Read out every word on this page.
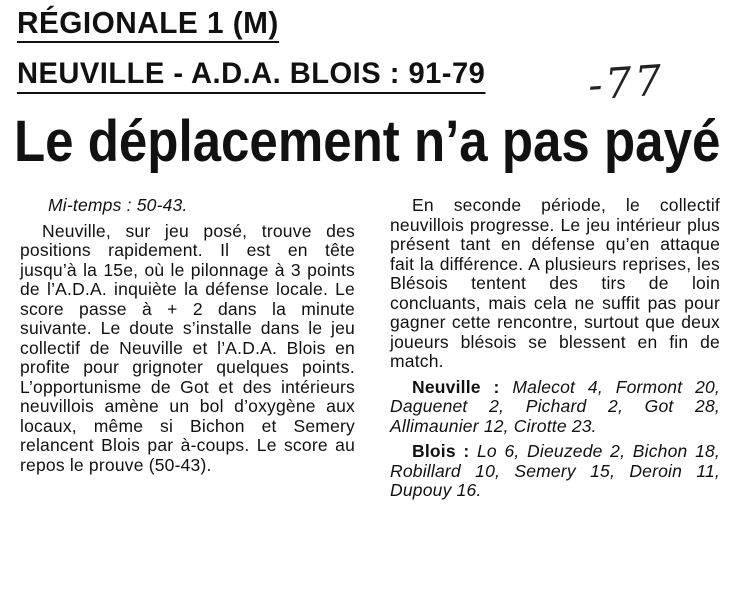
RÉGIONALE 1 (M)
NEUVILLE - A.D.A. BLOIS : 91-79 -77
Le déplacement n’a pas payé

Mi-temps : 50-43.

Neuville, sur jeu posé, trouve des positions rapidement. Il est en tête jusqu’à la 15e, où le pilonnage à 3 points de l’A.D.A. inquiète la défense locale. Le score passe à + 2 dans la minute suivante. Le doute s’installe dans le jeu collectif de Neuville et l’A.D.A. Blois en profite pour grignoter quelques points. L’opportunisme de Got et des intérieurs neuvillois amène un bol d’oxygène aux locaux, même si Bichon et Semery relancent Blois par à-coups. Le score au repos le prouve (50-43).

En seconde période, le collectif neuvillois progresse. Le jeu intérieur plus présent tant en défense qu’en attaque fait la différence. A plusieurs reprises, les Blésois tentent des tirs de loin concluants, mais cela ne suffit pas pour gagner cette rencontre, surtout que deux joueurs blésois se blessent en fin de match.

Neuville : Malecot 4, Formont 20, Daguenet 2, Pichard 2, Got 28, Allimaunier 12, Cirotte 23.

Blois : Lo 6, Dieuzede 2, Bichon 18, Robillard 10, Semery 15, Deroin 11, Dupouy 16.
